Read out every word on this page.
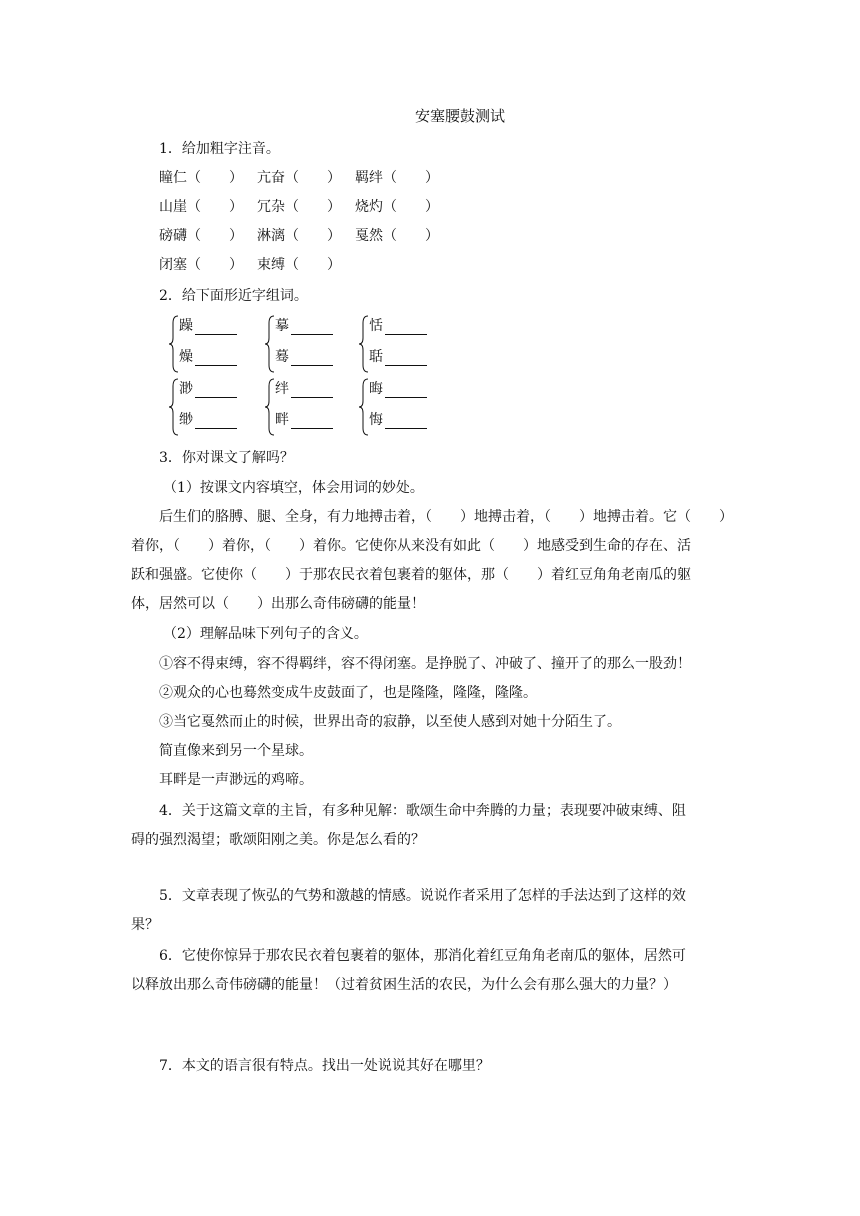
安塞腰鼓测试

1．给加粗字注音。

瞳仁（　　） 亢奋（　　） 羁绊（　　）
山崖（　　） 冗杂（　　） 烧灼（　　）
磅礴（　　） 淋漓（　　） 戛然（　　）
闭塞（　　） 束缚（　　）

2．给下面形近字组词。

躁
燥
摹
蓦
恬
聒
渺
缈
绊
畔
晦
悔

3．你对课文了解吗？

（1）按课文内容填空，体会用词的妙处。

后生们的胳膊、腿、全身，有力地搏击着，（　　）地搏击着，（　　）地搏击着。它（　　）

着你，（　　）着你，（　　）着你。它使你从来没有如此（　　）地感受到生命的存在、活

跃和强盛。它使你（　　）于那农民衣着包裹着的躯体，那（　　）着红豆角角老南瓜的躯

体，居然可以（　　）出那么奇伟磅礴的能量！

（2）理解品味下列句子的含义。

①容不得束缚，容不得羁绊，容不得闭塞。是挣脱了、冲破了、撞开了的那么一股劲！

②观众的心也蓦然变成牛皮鼓面了，也是隆隆，隆隆，隆隆。

③当它戛然而止的时候，世界出奇的寂静，以至使人感到对她十分陌生了。

简直像来到另一个星球。

耳畔是一声渺远的鸡啼。

4．关于这篇文章的主旨，有多种见解：歌颂生命中奔腾的力量；表现要冲破束缚、阻

碍的强烈渴望；歌颂阳刚之美。你是怎么看的？

5．文章表现了恢弘的气势和激越的情感。说说作者采用了怎样的手法达到了这样的效

果？

6．它使你惊异于那农民衣着包裹着的躯体，那消化着红豆角角老南瓜的躯体，居然可

以释放出那么奇伟磅礴的能量！（过着贫困生活的农民，为什么会有那么强大的力量？）

7．本文的语言很有特点。找出一处说说其好在哪里？
